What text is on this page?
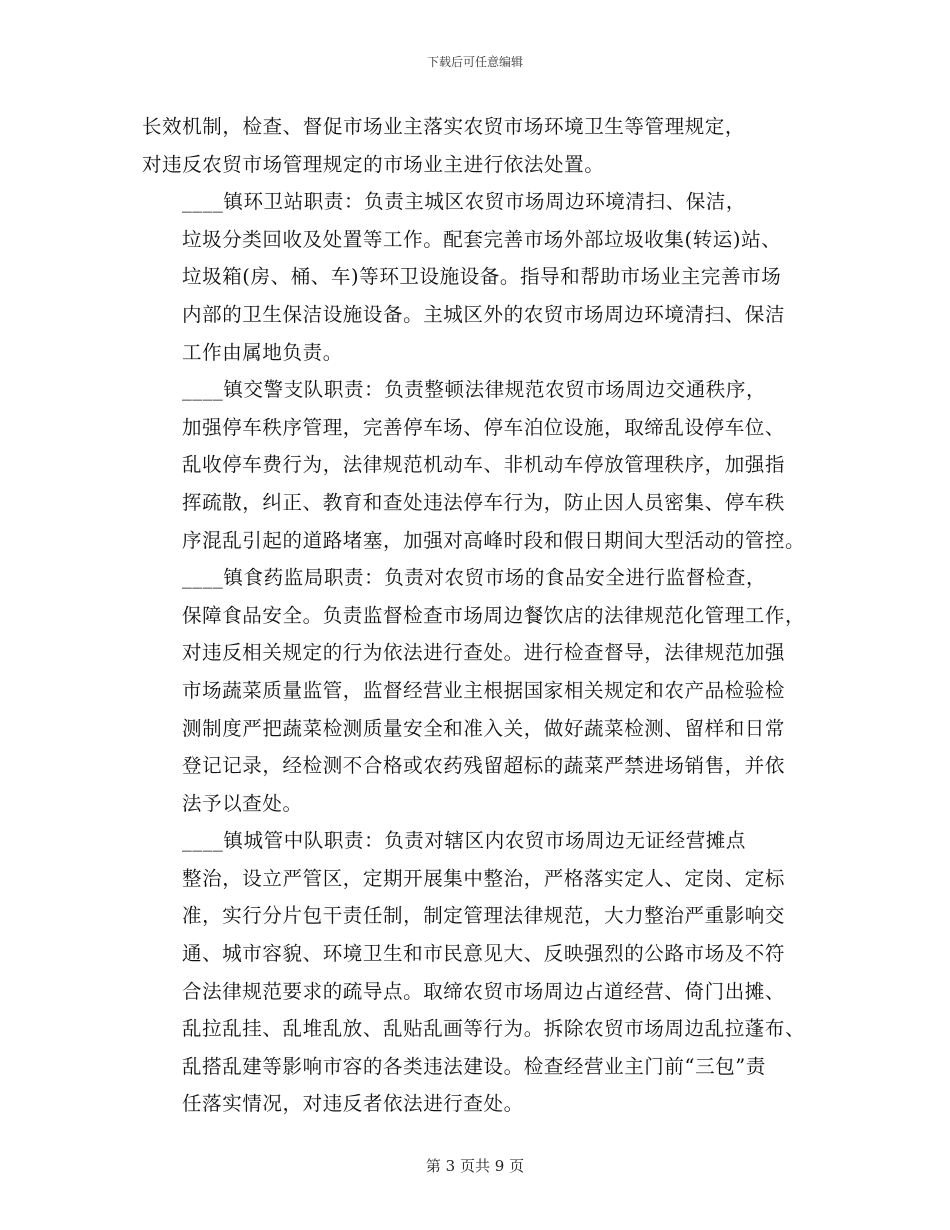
下载后可任意编辑
长效机制，检查、督促市场业主落实农贸市场环境卫生等管理规定，
对违反农贸市场管理规定的市场业主进行依法处置。
____镇环卫站职责：负责主城区农贸市场周边环境清扫、保洁，
垃圾分类回收及处置等工作。配套完善市场外部垃圾收集(转运)站、
垃圾箱(房、桶、车)等环卫设施设备。指导和帮助市场业主完善市场
内部的卫生保洁设施设备。主城区外的农贸市场周边环境清扫、保洁
工作由属地负责。
____镇交警支队职责：负责整顿法律规范农贸市场周边交通秩序，
加强停车秩序管理，完善停车场、停车泊位设施，取缔乱设停车位、
乱收停车费行为，法律规范机动车、非机动车停放管理秩序，加强指
挥疏散，纠正、教育和查处违法停车行为，防止因人员密集、停车秩
序混乱引起的道路堵塞，加强对高峰时段和假日期间大型活动的管控。
____镇食药监局职责：负责对农贸市场的食品安全进行监督检查，
保障食品安全。负责监督检查市场周边餐饮店的法律规范化管理工作，
对违反相关规定的行为依法进行查处。进行检查督导，法律规范加强
市场蔬菜质量监管，监督经营业主根据国家相关规定和农产品检验检
测制度严把蔬菜检测质量安全和准入关，做好蔬菜检测、留样和日常
登记记录，经检测不合格或农药残留超标的蔬菜严禁进场销售，并依
法予以查处。
____镇城管中队职责：负责对辖区内农贸市场周边无证经营摊点
整治，设立严管区，定期开展集中整治，严格落实定人、定岗、定标
准，实行分片包干责任制，制定管理法律规范，大力整治严重影响交
通、城市容貌、环境卫生和市民意见大、反映强烈的公路市场及不符
合法律规范要求的疏导点。取缔农贸市场周边占道经营、倚门出摊、
乱拉乱挂、乱堆乱放、乱贴乱画等行为。拆除农贸市场周边乱拉蓬布、
乱搭乱建等影响市容的各类违法建设。检查经营业主门前“三包”责
任落实情况，对违反者依法进行查处。
第 3 页共 9 页
